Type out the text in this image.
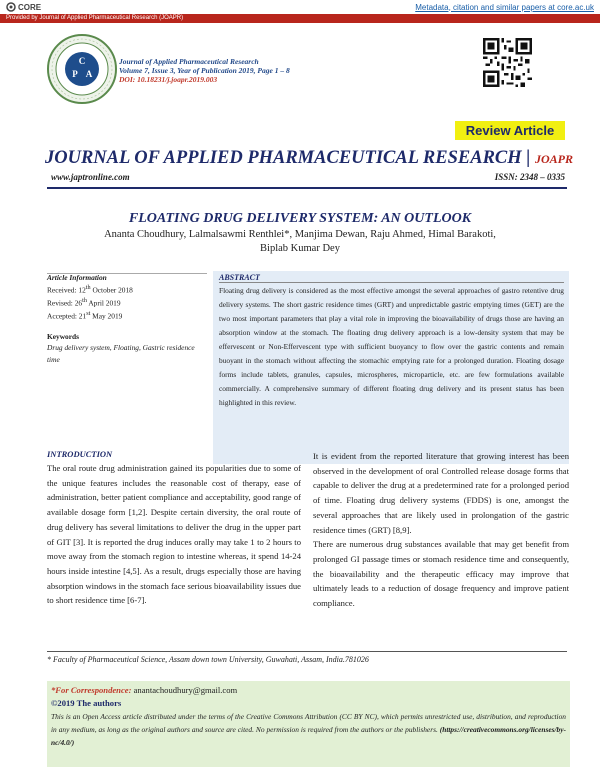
CORE	Metadata, citation and similar papers at core.ac.uk
Provided by Journal of Applied Pharmaceutical Research (JOAPR)
C
P A
Journal of Applied Pharmaceutical Research
Volume 7, Issue 3, Year of Publication 2019, Page 1 – 8
DOI: 10.18231/j.joapr.2019.003
Review Article
JOURNAL OF APPLIED PHARMACEUTICAL RESEARCH | JOAPR
www.japtronline.com	ISSN: 2348 – 0335
FLOATING DRUG DELIVERY SYSTEM: AN OUTLOOK
Ananta Choudhury, Lalmalsawmi Renthlei*, Manjima Dewan, Raju Ahmed, Himal Barakoti,
Biplab Kumar Dey
Article Information
Received: 12th October 2018
Revised: 26th April 2019
Accepted: 21st May 2019
Keywords
Drug delivery system, Floating, Gastric residence time
ABSTRACT

Floating drug delivery is considered as the most effective amongst the several approaches of gastro retentive drug delivery systems. The short gastric residence times (GRT) and unpredictable gastric emptying times (GET) are the two most important parameters that play a vital role in improving the bioavailability of drugs those are having an absorption window at the stomach. The floating drug delivery approach is a low-density system that may be effervescent or Non-Effervescent type with sufficient buoyancy to flow over the gastric contents and remain buoyant in the stomach without affecting the stomachic emptying rate for a prolonged duration. Floating dosage forms include tablets, granules, capsules, microspheres, microparticle, etc. are few formulations available commercially. A comprehensive summary of different floating drug delivery and its present status has been highlighted in this review.

INTRODUCTION

The oral route drug administration gained its popularities due to some of the unique features includes the reasonable cost of therapy, ease of administration, better patient compliance and acceptability, good range of available dosage form [1,2]. Despite certain diversity, the oral route of drug delivery has several limitations to deliver the drug in the upper part of GIT [3]. It is reported the drug induces orally may take 1 to 2 hours to move away from the stomach region to intestine whereas, it spend 14-24 hours inside intestine [4,5]. As a result, drugs especially those are having absorption windows in the stomach face serious bioavailability issues due to short residence time [6-7].

It is evident from the reported literature that growing interest has been observed in the development of oral Controlled release dosage forms that capable to deliver the drug at a predetermined rate for a prolonged period of time. Floating drug delivery systems (FDDS) is one, amongst the several approaches that are likely used in prolongation of the gastric residence times (GRT) [8,9].

There are numerous drug substances available that may get benefit from prolonged GI passage times or stomach residence time and consequently, the bioavailability and the therapeutic efficacy may improve that ultimately leads to a reduction of dosage frequency and improve patient compliance.

* Faculty of Pharmaceutical Science, Assam down town University, Guwahati, Assam, India.781026
*For Correspondence: anantachoudhury@gmail.com
©2019 The authors
This is an Open Access article distributed under the terms of the Creative Commons Attribution (CC BY NC), which permits unrestricted use, distribution, and reproduction in any medium, as long as the original authors and source are cited. No permission is required from the authors or the publishers. (https://creativecommons.org/licenses/by-nc/4.0/)
